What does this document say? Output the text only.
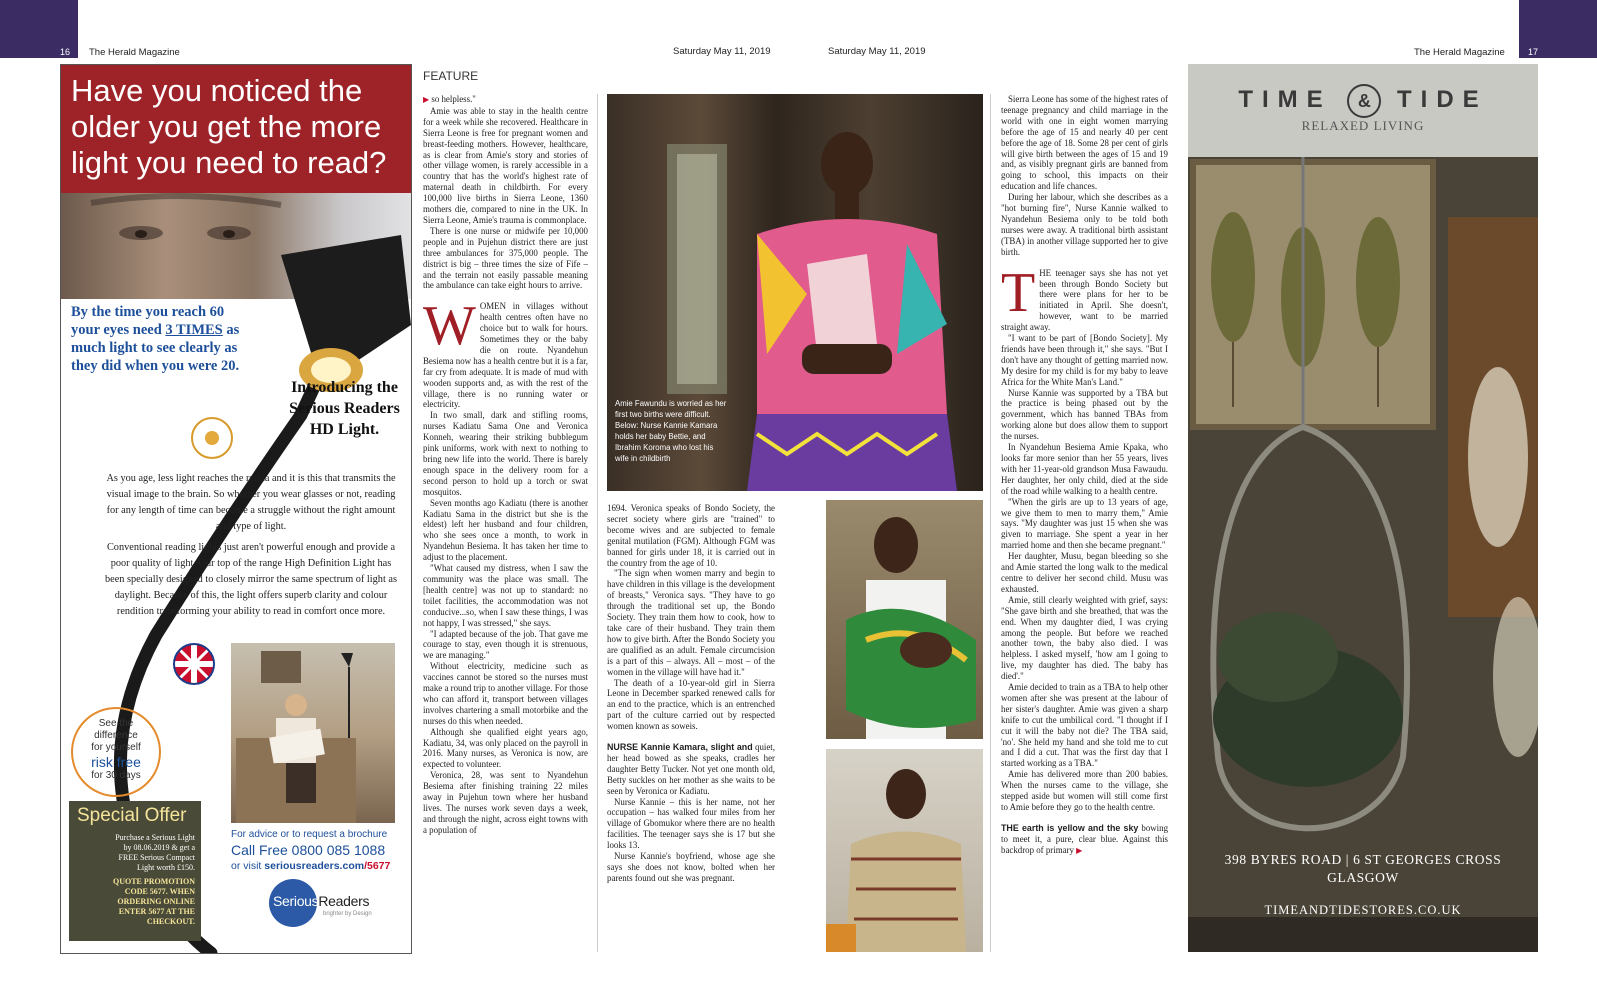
16 The Herald Magazine	Saturday May 11, 2019	Saturday May 11, 2019	The Herald Magazine	17
Have you noticed the older you get the more light you need to read?
By the time you reach 60 your eyes need 3 TIMES as much light to see clearly as they did when you were 20.
Introducing the Serious Readers HD Light.
As you age, less light reaches the retina and it is this that transmits the visual image to the brain. So whether you wear glasses or not, reading for any length of time can become a struggle without the right amount and type of light.
Conventional reading lights just aren't powerful enough and provide a poor quality of light. Our top of the range High Definition Light has been specially designed to closely mirror the same spectrum of light as daylight. Because of this, the light offers superb clarity and colour rendition transforming your ability to read in comfort once more.
See the
difference
for yourself
risk free
for 30 days
Special Offer
Purchase a Serious Light by 08.06.2019 & get a FREE Serious Compact Light worth £150.
QUOTE PROMOTION CODE 5677. WHEN ORDERING ONLINE ENTER 5677 AT THE CHECKOUT.
For advice or to request a brochure
Call Free 0800 085 1088
or visit seriousreaders.com/5677
SeriousReaders
brighter by Design
FEATURE

▶ so helpless."

Amie was able to stay in the health centre for a week while she recovered. Healthcare in Sierra Leone is free for pregnant women and breast-feeding mothers. However, healthcare, as is clear from Amie's story and stories of other village women, is rarely accessible in a country that has the world's highest rate of maternal death in childbirth. For every 100,000 live births in Sierra Leone, 1360 mothers die, compared to nine in the UK. In Sierra Leone, Amie's trauma is commonplace.

There is one nurse or midwife per 10,000 people and in Pujehun district there are just three ambulances for 375,000 people. The district is big – three times the size of Fife – and the terrain not easily passable meaning the ambulance can take eight hours to arrive.

WOMEN in villages without health centres often have no choice but to walk for hours. Sometimes they or the baby die on route. Nyandehun Besiema now has a health centre but it is a far, far cry from adequate. It is made of mud with wooden supports and, as with the rest of the village, there is no running water or electricity.

In two small, dark and stifling rooms, nurses Kadiatu Sama One and Veronica Konneh, wearing their striking bubblegum pink uniforms, work with next to nothing to bring new life into the world. There is barely enough space in the delivery room for a second person to hold up a torch or swat mosquitos.

Seven months ago Kadiatu (there is another Kadiatu Sama in the district but she is the eldest) left her husband and four children, who she sees once a month, to work in Nyandehun Besiema. It has taken her time to adjust to the placement.

"What caused my distress, when I saw the community was the place was small. The [health centre] was not up to standard: no toilet facilities, the accommodation was not conducive...so, when I saw these things, I was not happy, I was stressed," she says.

"I adapted because of the job. That gave me courage to stay, even though it is strenuous, we are managing."

Without electricity, medicine such as vaccines cannot be stored so the nurses must make a round trip to another village. For those who can afford it, transport between villages involves chartering a small motorbike and the nurses do this when needed.

Although she qualified eight years ago, Kadiatu, 34, was only placed on the payroll in 2016. Many nurses, as Veronica is now, are expected to volunteer.

Veronica, 28, was sent to Nyandehun Besiema after finishing training 22 miles away in Pujehun town where her husband lives. The nurses work seven days a week, and through the night, across eight towns with a population of

Amie Fawundu is worried as her first two births were difficult. Below: Nurse Kannie Kamara holds her baby Bettie, and Ibrahim Koroma who lost his wife in childbirth

1694. Veronica speaks of Bondo Society, the secret society where girls are "trained" to become wives and are subjected to female genital mutilation (FGM). Although FGM was banned for girls under 18, it is carried out in the country from the age of 10.

"The sign when women marry and begin to have children in this village is the development of breasts," Veronica says. "They have to go through the traditional set up, the Bondo Society. They train them how to cook, how to take care of their husband. They train them how to give birth. After the Bondo Society you are qualified as an adult. Female circumcision is a part of this – always. All – most – of the women in the village will have had it."

The death of a 10-year-old girl in Sierra Leone in December sparked renewed calls for an end to the practice, which is an entrenched part of the culture carried out by respected women known as soweis.

NURSE Kannie Kamara, slight and quiet, her head bowed as she speaks, cradles her daughter Betty Tucker. Not yet one month old, Betty suckles on her mother as she waits to be seen by Veronica or Kadiatu.

Nurse Kannie – this is her name, not her occupation – has walked four miles from her village of Gbomukor where there are no health facilities. The teenager says she is 17 but she looks 13.

Nurse Kannie's boyfriend, whose age she says she does not know, bolted when her parents found out she was pregnant.

Sierra Leone has some of the highest rates of teenage pregnancy and child marriage in the world with one in eight women marrying before the age of 15 and nearly 40 per cent before the age of 18. Some 28 per cent of girls will give birth between the ages of 15 and 19 and, as visibly pregnant girls are banned from going to school, this impacts on their education and life chances.

During her labour, which she describes as a "hot burning fire", Nurse Kannie walked to Nyandehun Besiema only to be told both nurses were away. A traditional birth assistant (TBA) in another village supported her to give birth.

THE teenager says she has not yet been through Bondo Society but there were plans for her to be initiated in April. She doesn't, however, want to be married straight away.

"I want to be part of [Bondo Society]. My friends have been through it," she says. "But I don't have any thought of getting married now. My desire for my child is for my baby to leave Africa for the White Man's Land."

Nurse Kannie was supported by a TBA but the practice is being phased out by the government, which has banned TBAs from working alone but does allow them to support the nurses.

In Nyandehun Besiema Amie Kpaka, who looks far more senior than her 55 years, lives with her 11-year-old grandson Musa Fawaudu. Her daughter, her only child, died at the side of the road while walking to a health centre.

"When the girls are up to 13 years of age, we give them to men to marry them," Amie says. "My daughter was just 15 when she was given to marriage. She spent a year in her married home and then she became pregnant."

Her daughter, Musu, began bleeding so she and Amie started the long walk to the medical centre to deliver her second child. Musu was exhausted.

Amie, still clearly weighted with grief, says: "She gave birth and she breathed, that was the end. When my daughter died, I was crying among the people. But before we reached another town, the baby also died. I was helpless. I asked myself, 'how am I going to live, my daughter has died. The baby has died'."

Amie decided to train as a TBA to help other women after she was present at the labour of her sister's daughter. Amie was given a sharp knife to cut the umbilical cord. "I thought if I cut it will the baby not die? The TBA said, 'no'. She held my hand and she told me to cut and I did a cut. That was the first day that I started working as a TBA."

Amie has delivered more than 200 babies. When the nurses came to the village, she stepped aside but women will still come first to Amie before they go to the health centre.

THE earth is yellow and the sky bowing to meet it, a pure, clear blue. Against this backdrop of primary ▶

TIME & TIDE
RELAXED LIVING
398 BYRES ROAD | 6 ST GEORGES CROSS
GLASGOW
TIMEANDTIDESTORES.CO.UK
